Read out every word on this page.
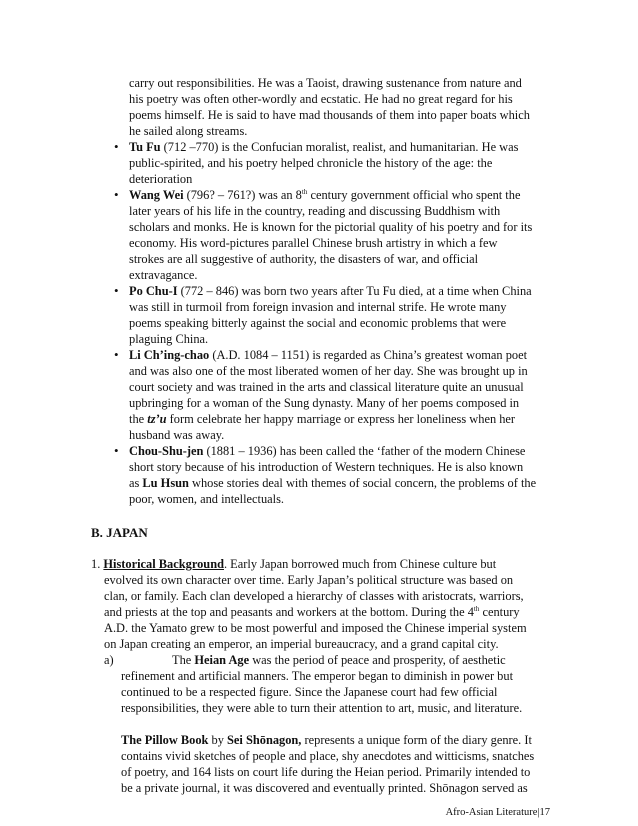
carry out responsibilities. He was a Taoist, drawing sustenance from nature and
his poetry was often other-wordly and ecstatic. He had no great regard for his
poems himself. He is said to have mad thousands of them into paper boats which
he sailed along streams.
• Tu Fu (712 –770) is the Confucian moralist, realist, and humanitarian. He was
public-spirited, and his poetry helped chronicle the history of the age: the
deterioration
• Wang Wei (796? – 761?) was an 8th century government official who spent the
later years of his life in the country, reading and discussing Buddhism with
scholars and monks. He is known for the pictorial quality of his poetry and for its
economy. His word-pictures parallel Chinese brush artistry in which a few
strokes are all suggestive of authority, the disasters of war, and official
extravagance.
• Po Chu-I (772 – 846) was born two years after Tu Fu died, at a time when China
was still in turmoil from foreign invasion and internal strife. He wrote many
poems speaking bitterly against the social and economic problems that were
plaguing China.
• Li Ch’ing-chao (A.D. 1084 – 1151) is regarded as China’s greatest woman poet
and was also one of the most liberated women of her day. She was brought up in
court society and was trained in the arts and classical literature quite an unusual
upbringing for a woman of the Sung dynasty. Many of her poems composed in
the tz’u form celebrate her happy marriage or express her loneliness when her
husband was away.
• Chou-Shu-jen (1881 – 1936) has been called the ‘father of the modern Chinese
short story because of his introduction of Western techniques. He is also known
as Lu Hsun whose stories deal with themes of social concern, the problems of the
poor, women, and intellectuals.
B. JAPAN
1. Historical Background. Early Japan borrowed much from Chinese culture but
evolved its own character over time. Early Japan’s political structure was based on
clan, or family. Each clan developed a hierarchy of classes with aristocrats, warriors,
and priests at the top and peasants and workers at the bottom. During the 4th century
A.D. the Yamato grew to be most powerful and imposed the Chinese imperial system
on Japan creating an emperor, an imperial bureaucracy, and a grand capital city.
a)	The Heian Age was the period of peace and prosperity, of aesthetic
refinement and artificial manners. The emperor began to diminish in power but
continued to be a respected figure. Since the Japanese court had few official
responsibilities, they were able to turn their attention to art, music, and literature.
The Pillow Book by Sei Shōnagon, represents a unique form of the diary genre. It
contains vivid sketches of people and place, shy anecdotes and witticisms, snatches
of poetry, and 164 lists on court life during the Heian period. Primarily intended to
be a private journal, it was discovered and eventually printed. Shōnagon served as
Afro-Asian Literature|17
